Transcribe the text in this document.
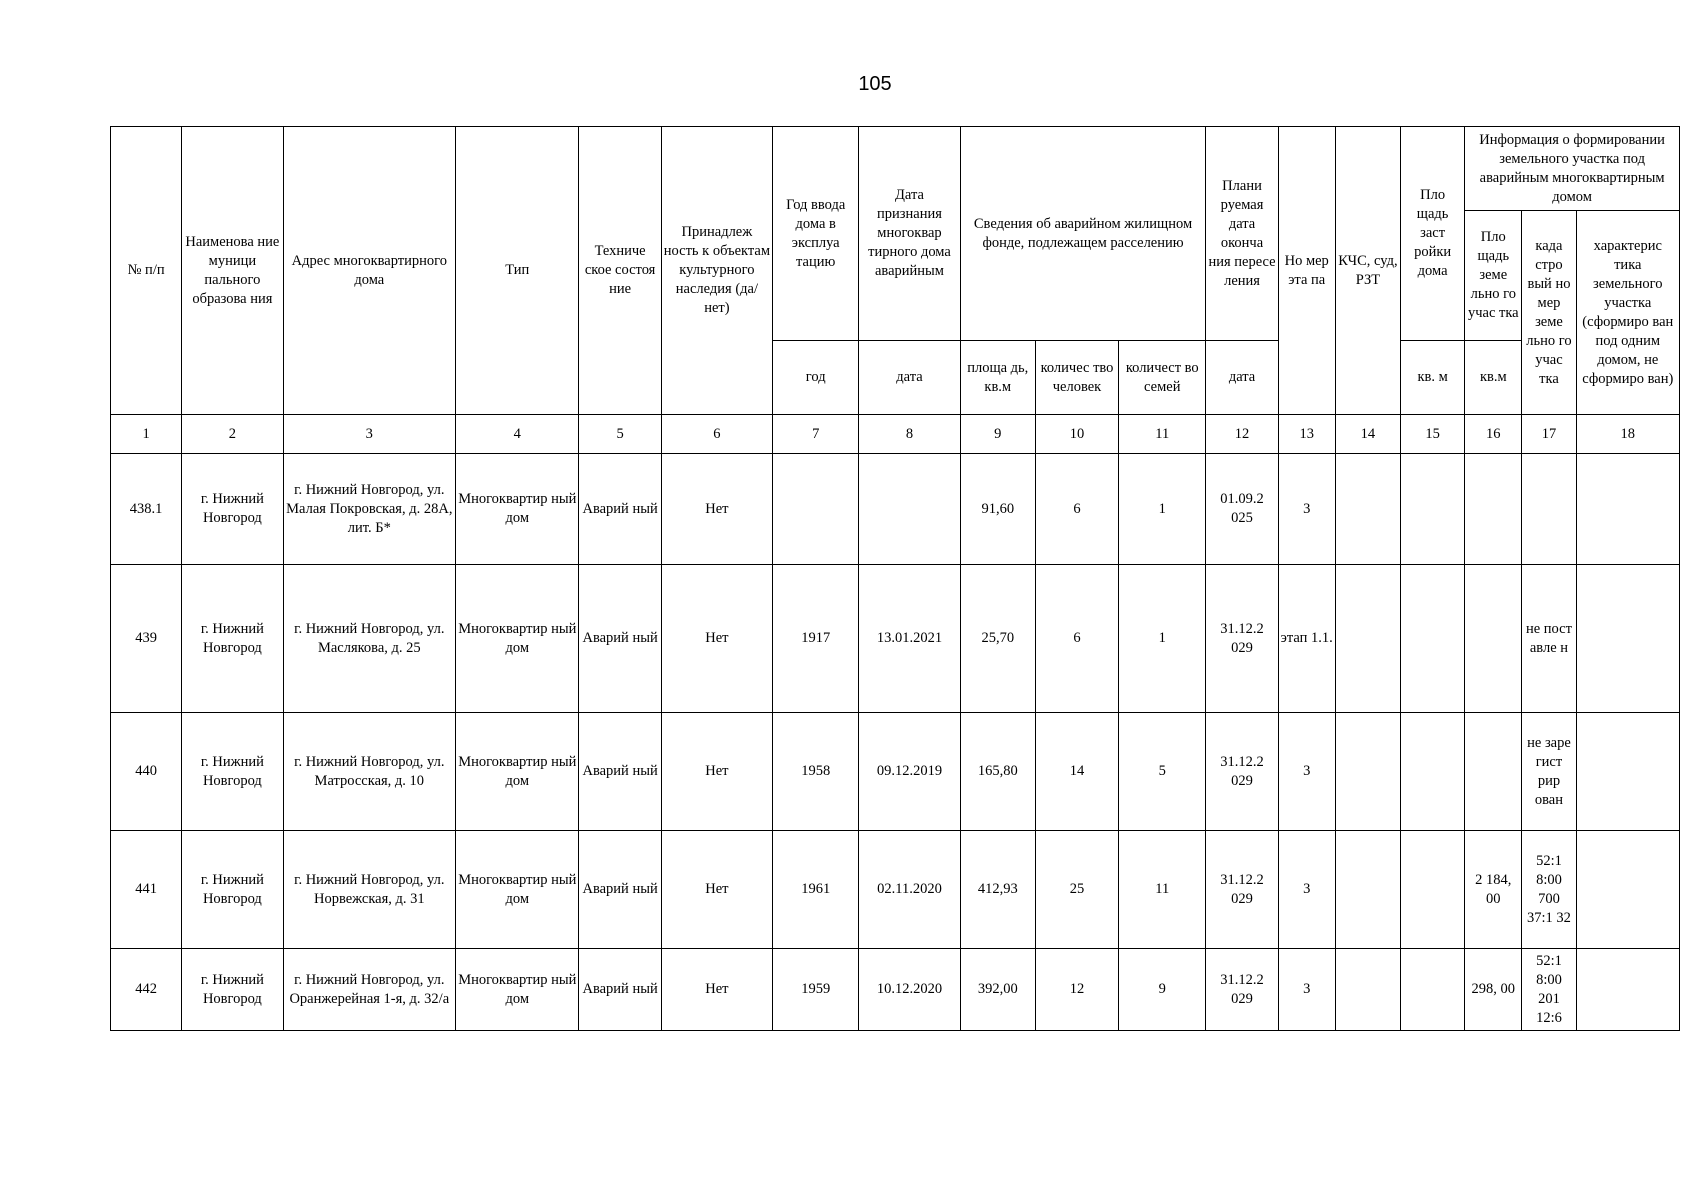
105
№ п/п	Наименова ние муници пального образова ния	Адрес многоквартирного дома	Тип	Техниче ское состоя ние	Принадлеж ность к объектам культурного наследия (да/нет)	Год ввода дома в эксплуа тацию	Дата признания многоквар тирного дома аварийным	Сведения об аварийном жилищном фонде, подлежащем расселению			Плани руемая дата оконча ния пересе ления	Но мер эта па	КЧС, суд, РЗТ	Пло щадь заст ройки дома	Информация о формировании земельного участка под аварийным многоквартирным домом		
															Пло щадь земе льно го учас тка	када стро вый но мер земе льно го учас тка	характерис тика земельного участка (сформиро ван под одним домом, не сформиро ван)
						год	дата	площа дь, кв.м	количес тво человек	количест во семей	дата			кв. м	кв.м		
1	2	3	4	5	6	7	8	9	10	11	12	13	14	15	16	17	18
438.1	г. Нижний Новгород	г. Нижний Новгород, ул. Малая Покровская, д. 28А, лит. Б*	Многоквартир ный дом	Аварий ный	Нет			91,60	6	1	01.09.2 025	3					
439	г. Нижний Новгород	г. Нижний Новгород, ул. Маслякова, д. 25	Многоквартир ный дом	Аварий ный	Нет	1917	13.01.2021	25,70	6	1	31.12.2 029	этап 1.1.				не пост авле н	
440	г. Нижний Новгород	г. Нижний Новгород, ул. Матросская, д. 10	Многоквартир ный дом	Аварий ный	Нет	1958	09.12.2019	165,80	14	5	31.12.2 029	3				не заре гист рир ован	
441	г. Нижний Новгород	г. Нижний Новгород, ул. Норвежская, д. 31	Многоквартир ный дом	Аварий ный	Нет	1961	02.11.2020	412,93	25	11	31.12.2 029	3			2 184, 00	52:1 8:00 700 37:1 32	
442	г. Нижний Новгород	г. Нижний Новгород, ул. Оранжерейная 1-я, д. 32/а	Многоквартир ный дом	Аварий ный	Нет	1959	10.12.2020	392,00	12	9	31.12.2 029	3			298, 00	52:1 8:00 201 12:6	
